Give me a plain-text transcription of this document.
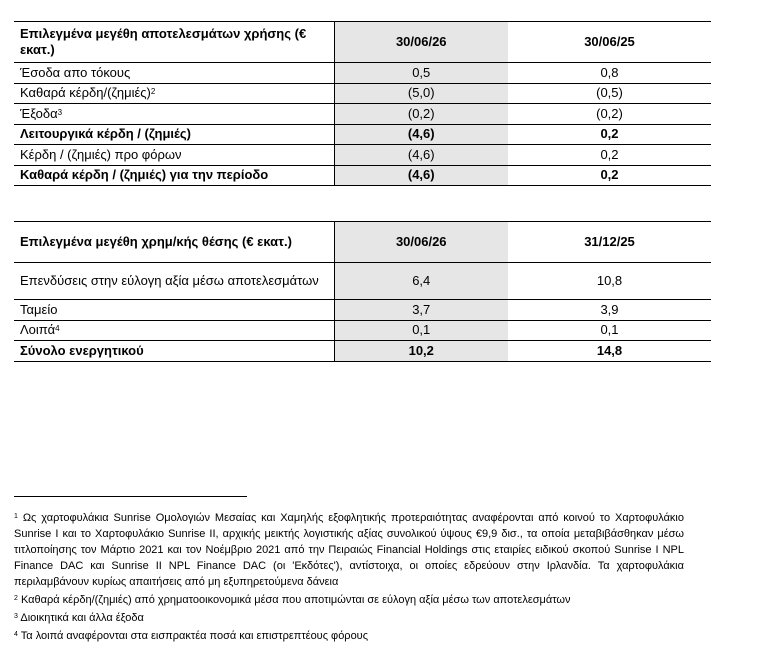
Επιλεγμένα μεγέθη αποτελεσμάτων χρήσης (€ εκατ.)	30/06/26	30/06/25
Έσοδα απο τόκους	0,5	0,8
Καθαρά κέρδη/$(\zeta\eta\mu\iota έ\varsigma)^2$	(5,0)	(0,5)
Έξοδα$^3$	(0,2)	(0,2)
Λειτουργικά κέρδη / (ζημιές)	(4,6)	0,2
Κέρδη / (ζημιές) προ φόρων	(4,6)	0,2
Καθαρά κέρδη / (ζημιές) για την περίοδο	(4,6)	0,2
Επιλεγμένα μεγέθη χρημ/κής θέσης (€ εκατ.)	30/06/26	31/12/25
Επενδύσεις στην εύλογη αξία μέσω αποτελεσμάτων	6,4	10,8
Ταμείο	3,7	3,9
Λοιπά$^4$	0,1	0,1
Σύνολο ενεργητικού	10,2	14,8

$^1$ Ως χαρτοφυλάκια Sunrise Ομολογιών Μεσαίας και Χαμηλής εξοφλητικής προτεραιότητας αναφέρονται από κοινού το Χαρτοφυλάκιο Sunrise I και το Χαρτοφυλάκιο Sunrise II, αρχικής μεικτής λογιστικής αξίας συνολικού ύψους €9,9 δισ., τα οποία μεταβιβάσθηκαν μέσω τιτλοποίησης τον Μάρτιο 2021 και τον Νοέμβριο 2021 από την Πειραιώς Financial Holdings στις εταιρίες ειδικού σκοπού Sunrise I NPL Finance DAC και Sunrise II NPL Finance DAC (οι 'Εκδότες'), αντίστοιχα, οι οποίες εδρεύουν στην Ιρλανδία. Τα χαρτοφυλάκια περιλαμβάνουν κυρίως απαιτήσεις από μη εξυπηρετούμενα δάνεια

$^2$ Καθαρά κέρδη/(ζημιές) από χρηματοοικονομικά μέσα που αποτιμώνται σε εύλογη αξία μέσω των αποτελεσμάτων

$^3$ Διοικητικά και άλλα έξοδα

$^4$ Τα λοιπά αναφέρονται στα εισπρακτέα ποσά και επιστρεπτέους φόρους
